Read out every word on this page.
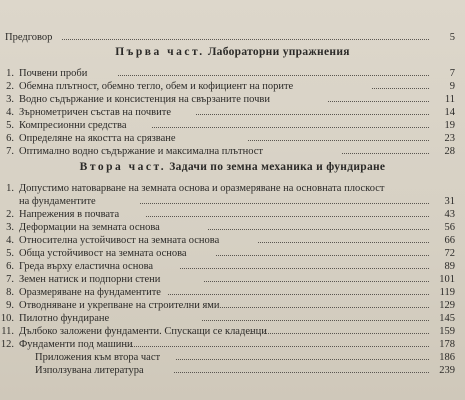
Предговор	5
Първа част. Лабораторни упражнения
1. Почвени проби	7
2. Обемна плътност, обемно тегло, обем и кофициент на порите	9
3. Водно съдържание и консистенция на свързаните почви	11
4. Зърнометричен състав на почвите	14
5. Компресионни средства	19
6. Определяне на якостта на срязване	23
7. Оптимално водно съдържание и максимална плътност	28
Втора част. Задачи по земна механика и фундиране
1. Допустимо натоварване на земната основа и оразмеряване на основната плоскост
на фундаментите	31
2. Напрежения в почвата	43
3. Деформации на земната основа	56
4. Относителна устойчивост на земната основа	66
5. Обща устойчивост на земната основа	72
6. Греда върху еластична основа	89
7. Земен натиск и подпорни стени	101
8. Оразмеряване на фундаментите	119
9. Отводняване и укрепване на строителни ями	129
10. Пилотно фундиране	145
11. Дълбоко заложени фундаменти. Спускащи се кладенци	159
12. Фундаменти под машини	178
Приложения към втора част	186
Използувана литература	239
